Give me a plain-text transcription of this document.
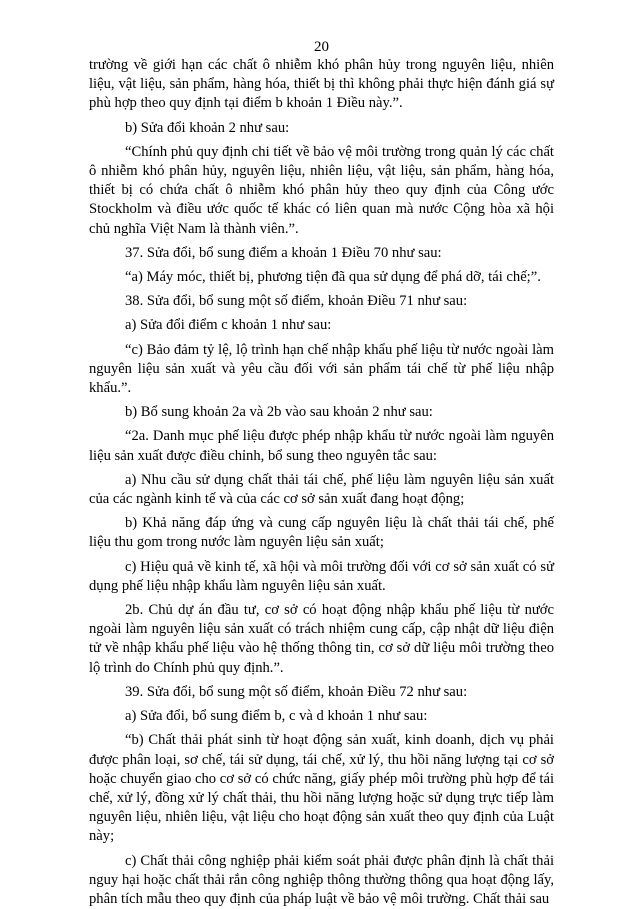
20

trường về giới hạn các chất ô nhiễm khó phân hủy trong nguyên liệu, nhiên liệu, vật liệu, sản phẩm, hàng hóa, thiết bị thì không phải thực hiện đánh giá sự phù hợp theo quy định tại điểm b khoản 1 Điều này.”.

b) Sửa đổi khoản 2 như sau:

“Chính phủ quy định chi tiết về bảo vệ môi trường trong quản lý các chất ô nhiễm khó phân hủy, nguyên liệu, nhiên liệu, vật liệu, sản phẩm, hàng hóa, thiết bị có chứa chất ô nhiễm khó phân hủy theo quy định của Công ước Stockholm và điều ước quốc tế khác có liên quan mà nước Cộng hòa xã hội chủ nghĩa Việt Nam là thành viên.”.

37. Sửa đổi, bổ sung điểm a khoản 1 Điều 70 như sau:

“a) Máy móc, thiết bị, phương tiện đã qua sử dụng để phá dỡ, tái chế;”.

38. Sửa đổi, bổ sung một số điểm, khoản Điều 71 như sau:

a) Sửa đổi điểm c khoản 1 như sau:

“c) Bảo đảm tỷ lệ, lộ trình hạn chế nhập khẩu phế liệu từ nước ngoài làm nguyên liệu sản xuất và yêu cầu đối với sản phẩm tái chế từ phế liệu nhập khẩu.”.

b) Bổ sung khoản 2a và 2b vào sau khoản 2 như sau:

“2a. Danh mục phế liệu được phép nhập khẩu từ nước ngoài làm nguyên liệu sản xuất được điều chỉnh, bổ sung theo nguyên tắc sau:

a) Nhu cầu sử dụng chất thải tái chế, phế liệu làm nguyên liệu sản xuất của các ngành kinh tế và của các cơ sở sản xuất đang hoạt động;

b) Khả năng đáp ứng và cung cấp nguyên liệu là chất thải tái chế, phế liệu thu gom trong nước làm nguyên liệu sản xuất;

c) Hiệu quả về kinh tế, xã hội và môi trường đối với cơ sở sản xuất có sử dụng phế liệu nhập khẩu làm nguyên liệu sản xuất.

2b. Chủ dự án đầu tư, cơ sở có hoạt động nhập khẩu phế liệu từ nước ngoài làm nguyên liệu sản xuất có trách nhiệm cung cấp, cập nhật dữ liệu điện tử về nhập khẩu phế liệu vào hệ thống thông tin, cơ sở dữ liệu môi trường theo lộ trình do Chính phủ quy định.”.

39. Sửa đổi, bổ sung một số điểm, khoản Điều 72 như sau:

a) Sửa đổi, bổ sung điểm b, c và d khoản 1 như sau:

“b) Chất thải phát sinh từ hoạt động sản xuất, kinh doanh, dịch vụ phải được phân loại, sơ chế, tái sử dụng, tái chế, xử lý, thu hồi năng lượng tại cơ sở hoặc chuyển giao cho cơ sở có chức năng, giấy phép môi trường phù hợp để tái chế, xử lý, đồng xử lý chất thải, thu hồi năng lượng hoặc sử dụng trực tiếp làm nguyên liệu, nhiên liệu, vật liệu cho hoạt động sản xuất theo quy định của Luật này;

c) Chất thải công nghiệp phải kiểm soát phải được phân định là chất thải nguy hại hoặc chất thải rắn công nghiệp thông thường thông qua hoạt động lấy, phân tích mẫu theo quy định của pháp luật về bảo vệ môi trường. Chất thải sau
